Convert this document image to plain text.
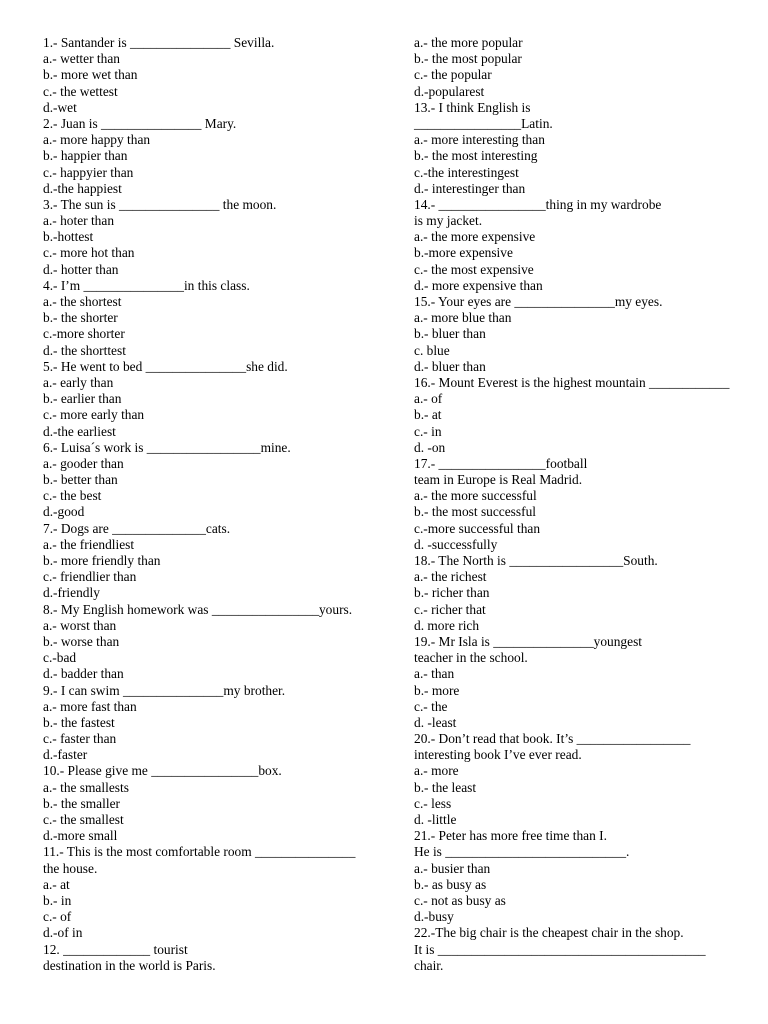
1.- Santander is _______________ Sevilla.
a.- wetter than
b.- more wet than
c.- the wettest
d.-wet
2.- Juan is _______________ Mary.
a.- more happy than
b.- happier than
c.- happyier than
d.-the happiest
3.- The sun is _______________ the moon.
a.- hoter than
b.-hottest
c.- more hot than
d.- hotter than
4.- I’m _______________in this class.
a.- the shortest
b.- the shorter
c.-more shorter
d.- the shorttest
5.- He went to bed _______________she did.
a.- early than
b.- earlier than
c.- more early than
d.-the earliest
6.- Luisa´s work is _________________mine.
a.- gooder than
b.- better than
c.- the best
d.-good
7.- Dogs are ______________cats.
a.- the friendliest
b.- more friendly than
c.- friendlier than
d.-friendly
8.- My English homework was ________________yours.
a.- worst than
b.- worse than
c.-bad
d.- badder than
9.- I can swim _______________my brother.
a.- more fast than
b.- the fastest
c.- faster than
d.-faster
10.- Please give me ________________box.
a.- the smallests
b.- the smaller
c.- the smallest
d.-more small
11.- This is the most comfortable room _______________
the house.
a.- at
b.- in
c.- of
d.-of in
12. _____________ tourist
destination in the world is Paris.
a.- the more popular
b.- the most popular
c.- the popular
d.-popularest
13.- I think English is
________________Latin.
a.- more interesting than
b.- the most interesting
c.-the interestingest
d.- interestinger than
14.- ________________thing in my wardrobe
is my jacket.
a.- the more expensive
b.-more expensive
c.- the most expensive
d.- more expensive than
15.- Your eyes are _______________my eyes.
a.- more blue than
b.- bluer than
c. blue
d.- bluer than
16.- Mount Everest is the highest mountain ____________
a.- of
b.- at
c.- in
d. -on
17.- ________________football
team in Europe is Real Madrid.
a.- the more successful
b.- the most successful
c.-more successful than
d. -successfully
18.- The North is _________________South.
a.- the richest
b.- richer than
c.- richer that
d. more rich
19.- Mr Isla is _______________youngest
teacher in the school.
a.- than
b.- more
c.- the
d. -least
20.- Don’t read that book. It’s _________________
interesting book I’ve ever read.
a.- more
b.- the least
c.- less
d. -little
21.- Peter has more free time than I.
He is ___________________________.
a.- busier than
b.- as busy as
c.- not as busy as
d.-busy
22.-The big chair is the cheapest chair in the shop.
It is ________________________________________
chair.
